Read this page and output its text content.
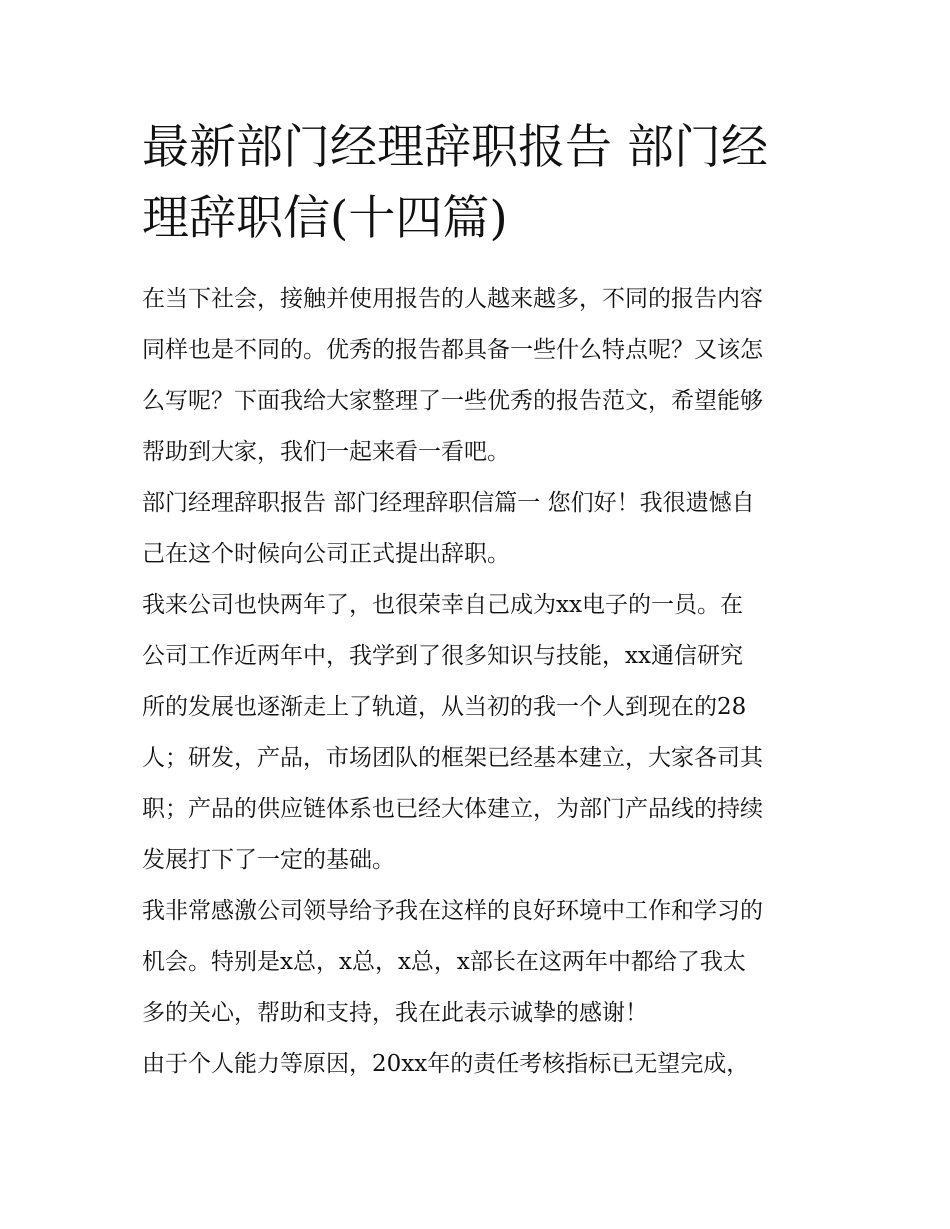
最新部门经理辞职报告 部门经
理辞职信(十四篇)

在当下社会，接触并使用报告的人越来越多，不同的报告内容
同样也是不同的。优秀的报告都具备一些什么特点呢？又该怎
么写呢？下面我给大家整理了一些优秀的报告范文，希望能够
帮助到大家，我们一起来看一看吧。

部门经理辞职报告 部门经理辞职信篇一 您们好！我很遗憾自
己在这个时候向公司正式提出辞职。

我来公司也快两年了，也很荣幸自己成为xx电子的一员。在
公司工作近两年中，我学到了很多知识与技能，xx通信研究
所的发展也逐渐走上了轨道，从当初的我一个人到现在的28
人；研发，产品，市场团队的框架已经基本建立，大家各司其
职；产品的供应链体系也已经大体建立，为部门产品线的持续
发展打下了一定的基础。

我非常感激公司领导给予我在这样的良好环境中工作和学习的
机会。特别是x总，x总，x总，x部长在这两年中都给了我太
多的关心，帮助和支持，我在此表示诚挚的感谢！

由于个人能力等原因，20xx年的责任考核指标已无望完成，
